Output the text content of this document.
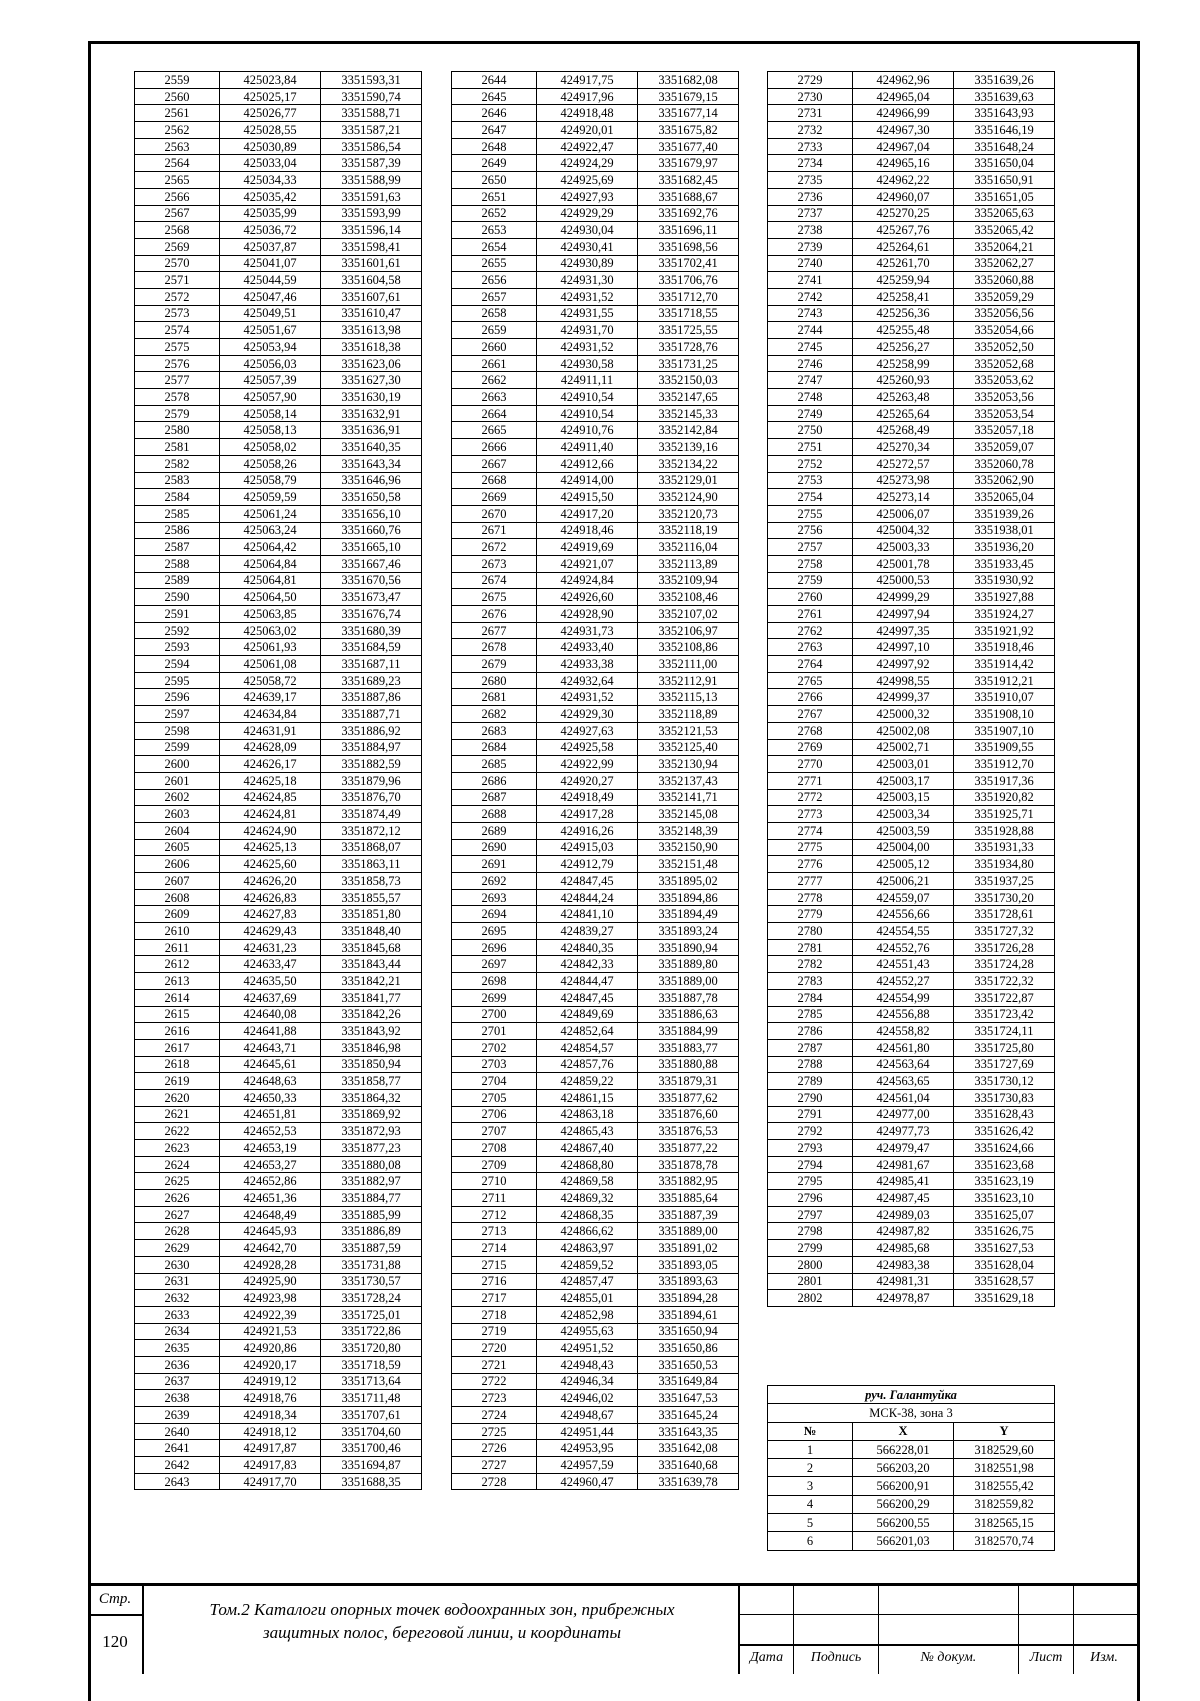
2559	425023,84	3351593,31
2560	425025,17	3351590,74
2561	425026,77	3351588,71
2562	425028,55	3351587,21
2563	425030,89	3351586,54
2564	425033,04	3351587,39
2565	425034,33	3351588,99
2566	425035,42	3351591,63
2567	425035,99	3351593,99
2568	425036,72	3351596,14
2569	425037,87	3351598,41
2570	425041,07	3351601,61
2571	425044,59	3351604,58
2572	425047,46	3351607,61
2573	425049,51	3351610,47
2574	425051,67	3351613,98
2575	425053,94	3351618,38
2576	425056,03	3351623,06
2577	425057,39	3351627,30
2578	425057,90	3351630,19
2579	425058,14	3351632,91
2580	425058,13	3351636,91
2581	425058,02	3351640,35
2582	425058,26	3351643,34
2583	425058,79	3351646,96
2584	425059,59	3351650,58
2585	425061,24	3351656,10
2586	425063,24	3351660,76
2587	425064,42	3351665,10
2588	425064,84	3351667,46
2589	425064,81	3351670,56
2590	425064,50	3351673,47
2591	425063,85	3351676,74
2592	425063,02	3351680,39
2593	425061,93	3351684,59
2594	425061,08	3351687,11
2595	425058,72	3351689,23
2596	424639,17	3351887,86
2597	424634,84	3351887,71
2598	424631,91	3351886,92
2599	424628,09	3351884,97
2600	424626,17	3351882,59
2601	424625,18	3351879,96
2602	424624,85	3351876,70
2603	424624,81	3351874,49
2604	424624,90	3351872,12
2605	424625,13	3351868,07
2606	424625,60	3351863,11
2607	424626,20	3351858,73
2608	424626,83	3351855,57
2609	424627,83	3351851,80
2610	424629,43	3351848,40
2611	424631,23	3351845,68
2612	424633,47	3351843,44
2613	424635,50	3351842,21
2614	424637,69	3351841,77
2615	424640,08	3351842,26
2616	424641,88	3351843,92
2617	424643,71	3351846,98
2618	424645,61	3351850,94
2619	424648,63	3351858,77
2620	424650,33	3351864,32
2621	424651,81	3351869,92
2622	424652,53	3351872,93
2623	424653,19	3351877,23
2624	424653,27	3351880,08
2625	424652,86	3351882,97
2626	424651,36	3351884,77
2627	424648,49	3351885,99
2628	424645,93	3351886,89
2629	424642,70	3351887,59
2630	424928,28	3351731,88
2631	424925,90	3351730,57
2632	424923,98	3351728,24
2633	424922,39	3351725,01
2634	424921,53	3351722,86
2635	424920,86	3351720,80
2636	424920,17	3351718,59
2637	424919,12	3351713,64
2638	424918,76	3351711,48
2639	424918,34	3351707,61
2640	424918,12	3351704,60
2641	424917,87	3351700,46
2642	424917,83	3351694,87
2643	424917,70	3351688,35
2644	424917,75	3351682,08
2645	424917,96	3351679,15
2646	424918,48	3351677,14
2647	424920,01	3351675,82
2648	424922,47	3351677,40
2649	424924,29	3351679,97
2650	424925,69	3351682,45
2651	424927,93	3351688,67
2652	424929,29	3351692,76
2653	424930,04	3351696,11
2654	424930,41	3351698,56
2655	424930,89	3351702,41
2656	424931,30	3351706,76
2657	424931,52	3351712,70
2658	424931,55	3351718,55
2659	424931,70	3351725,55
2660	424931,52	3351728,76
2661	424930,58	3351731,25
2662	424911,11	3352150,03
2663	424910,54	3352147,65
2664	424910,54	3352145,33
2665	424910,76	3352142,84
2666	424911,40	3352139,16
2667	424912,66	3352134,22
2668	424914,00	3352129,01
2669	424915,50	3352124,90
2670	424917,20	3352120,73
2671	424918,46	3352118,19
2672	424919,69	3352116,04
2673	424921,07	3352113,89
2674	424924,84	3352109,94
2675	424926,60	3352108,46
2676	424928,90	3352107,02
2677	424931,73	3352106,97
2678	424933,40	3352108,86
2679	424933,38	3352111,00
2680	424932,64	3352112,91
2681	424931,52	3352115,13
2682	424929,30	3352118,89
2683	424927,63	3352121,53
2684	424925,58	3352125,40
2685	424922,99	3352130,94
2686	424920,27	3352137,43
2687	424918,49	3352141,71
2688	424917,28	3352145,08
2689	424916,26	3352148,39
2690	424915,03	3352150,90
2691	424912,79	3352151,48
2692	424847,45	3351895,02
2693	424844,24	3351894,86
2694	424841,10	3351894,49
2695	424839,27	3351893,24
2696	424840,35	3351890,94
2697	424842,33	3351889,80
2698	424844,47	3351889,00
2699	424847,45	3351887,78
2700	424849,69	3351886,63
2701	424852,64	3351884,99
2702	424854,57	3351883,77
2703	424857,76	3351880,88
2704	424859,22	3351879,31
2705	424861,15	3351877,62
2706	424863,18	3351876,60
2707	424865,43	3351876,53
2708	424867,40	3351877,22
2709	424868,80	3351878,78
2710	424869,58	3351882,95
2711	424869,32	3351885,64
2712	424868,35	3351887,39
2713	424866,62	3351889,00
2714	424863,97	3351891,02
2715	424859,52	3351893,05
2716	424857,47	3351893,63
2717	424855,01	3351894,28
2718	424852,98	3351894,61
2719	424955,63	3351650,94
2720	424951,52	3351650,86
2721	424948,43	3351650,53
2722	424946,34	3351649,84
2723	424946,02	3351647,53
2724	424948,67	3351645,24
2725	424951,44	3351643,35
2726	424953,95	3351642,08
2727	424957,59	3351640,68
2728	424960,47	3351639,78
2729	424962,96	3351639,26
2730	424965,04	3351639,63
2731	424966,99	3351643,93
2732	424967,30	3351646,19
2733	424967,04	3351648,24
2734	424965,16	3351650,04
2735	424962,22	3351650,91
2736	424960,07	3351651,05
2737	425270,25	3352065,63
2738	425267,76	3352065,42
2739	425264,61	3352064,21
2740	425261,70	3352062,27
2741	425259,94	3352060,88
2742	425258,41	3352059,29
2743	425256,36	3352056,56
2744	425255,48	3352054,66
2745	425256,27	3352052,50
2746	425258,99	3352052,68
2747	425260,93	3352053,62
2748	425263,48	3352053,56
2749	425265,64	3352053,54
2750	425268,49	3352057,18
2751	425270,34	3352059,07
2752	425272,57	3352060,78
2753	425273,98	3352062,90
2754	425273,14	3352065,04
2755	425006,07	3351939,26
2756	425004,32	3351938,01
2757	425003,33	3351936,20
2758	425001,78	3351933,45
2759	425000,53	3351930,92
2760	424999,29	3351927,88
2761	424997,94	3351924,27
2762	424997,35	3351921,92
2763	424997,10	3351918,46
2764	424997,92	3351914,42
2765	424998,55	3351912,21
2766	424999,37	3351910,07
2767	425000,32	3351908,10
2768	425002,08	3351907,10
2769	425002,71	3351909,55
2770	425003,01	3351912,70
2771	425003,17	3351917,36
2772	425003,15	3351920,82
2773	425003,34	3351925,71
2774	425003,59	3351928,88
2775	425004,00	3351931,33
2776	425005,12	3351934,80
2777	425006,21	3351937,25
2778	424559,07	3351730,20
2779	424556,66	3351728,61
2780	424554,55	3351727,32
2781	424552,76	3351726,28
2782	424551,43	3351724,28
2783	424552,27	3351722,32
2784	424554,99	3351722,87
2785	424556,88	3351723,42
2786	424558,82	3351724,11
2787	424561,80	3351725,80
2788	424563,64	3351727,69
2789	424563,65	3351730,12
2790	424561,04	3351730,83
2791	424977,00	3351628,43
2792	424977,73	3351626,42
2793	424979,47	3351624,66
2794	424981,67	3351623,68
2795	424985,41	3351623,19
2796	424987,45	3351623,10
2797	424989,03	3351625,07
2798	424987,82	3351626,75
2799	424985,68	3351627,53
2800	424983,38	3351628,04
2801	424981,31	3351628,57
2802	424978,87	3351629,18
руч. Галантуйка		
МСК-38, зона 3		
№	X	Y
1	566228,01	3182529,60
2	566203,20	3182551,98
3	566200,91	3182555,42
4	566200,29	3182559,82
5	566200,55	3182565,15
6	566201,03	3182570,74
Стр.
120
Том.2 Каталоги опорных точек водоохранных зон, прибрежных
защитных полос, береговой линии, и координаты
Дата	Подпись	№ докум.	Лист	Изм.
